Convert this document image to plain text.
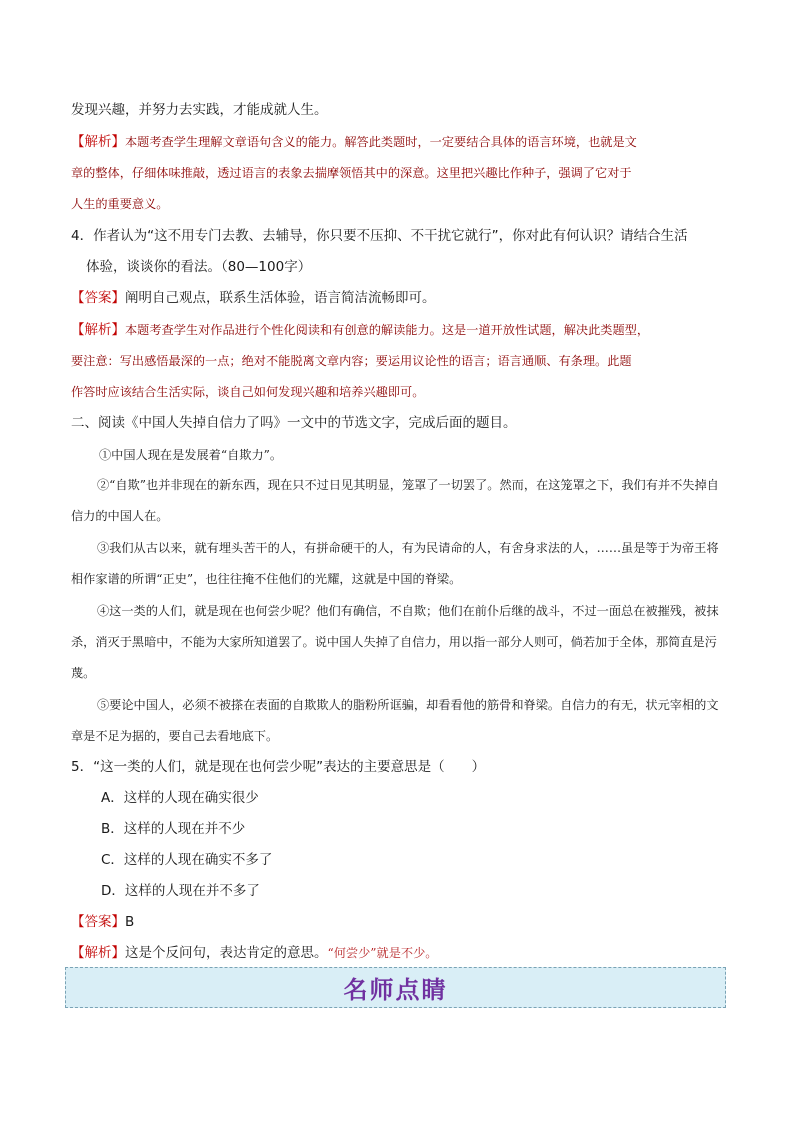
发现兴趣，并努力去实践，才能成就人生。
【解析】本题考查学生理解文章语句含义的能力。解答此类题时，一定要结合具体的语言环境，也就是文
章的整体，仔细体味推敲，透过语言的表象去揣摩领悟其中的深意。这里把兴趣比作种子，强调了它对于
人生的重要意义。
4．作者认为“这不用专门去教、去辅导，你只要不压抑、不干扰它就行”，你对此有何认识？请结合生活
体验，谈谈你的看法。（80—100字）
【答案】阐明自己观点，联系生活体验，语言简洁流畅即可。
【解析】本题考查学生对作品进行个性化阅读和有创意的解读能力。这是一道开放性试题，解决此类题型，
要注意：写出感悟最深的一点；绝对不能脱离文章内容；要运用议论性的语言；语言通顺、有条理。此题
作答时应该结合生活实际，谈自己如何发现兴趣和培养兴趣即可。
二、阅读《中国人失掉自信力了吗》一文中的节选文字，完成后面的题目。
①中国人现在是发展着“自欺力”。
②“自欺”也并非现在的新东西，现在只不过日见其明显，笼罩了一切罢了。然而，在这笼罩之下，我们有并不失掉自信力的中国人在。
③我们从古以来，就有埋头苦干的人，有拼命硬干的人，有为民请命的人，有舍身求法的人，……虽是等于为帝王将相作家谱的所谓“正史”，也往往掩不住他们的光耀，这就是中国的脊梁。
④这一类的人们，就是现在也何尝少呢？他们有确信，不自欺；他们在前仆后继的战斗，不过一面总在被摧残，被抹杀，消灭于黑暗中，不能为大家所知道罢了。说中国人失掉了自信力，用以指一部分人则可，倘若加于全体，那简直是污蔑。
⑤要论中国人，必须不被搽在表面的自欺欺人的脂粉所诓骗，却看看他的筋骨和脊梁。自信力的有无，状元宰相的文章是不足为据的，要自己去看地底下。
5．“这一类的人们，就是现在也何尝少呢”表达的主要意思是（　　）
A．这样的人现在确实很少
B．这样的人现在并不少
C．这样的人现在确实不多了
D．这样的人现在并不多了
【答案】B
【解析】这是个反问句，表达肯定的意思。“何尝少”就是不少。
名师点睛
